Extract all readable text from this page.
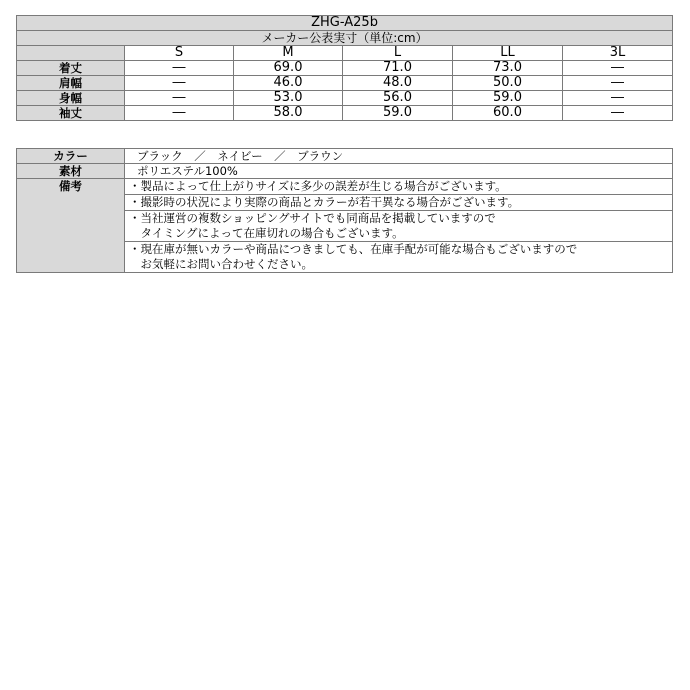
ZHG-A25b					
メーカー公表実寸（単位:cm）					
	S	M	L	LL	3L
着丈	―	69.0	71.0	73.0	―
肩幅	―	46.0	48.0	50.0	―
身幅	―	53.0	56.0	59.0	―
袖丈	―	58.0	59.0	60.0	―
カラー	ブラック　／　ネイビー　／　ブラウン
素材	ポリエステル100%
備考	・製品によって仕上がりサイズに多少の誤差が生じる場合がございます。

	・撮影時の状況により実際の商品とカラーが若干異なる場合がございます。

	・当社運営の複数ショッピングサイトでも同商品を掲載していますので
　タイミングによって在庫切れの場合もございます。

	・現在庫が無いカラーや商品につきましても、在庫手配が可能な場合もございますので
　お気軽にお問い合わせください。
